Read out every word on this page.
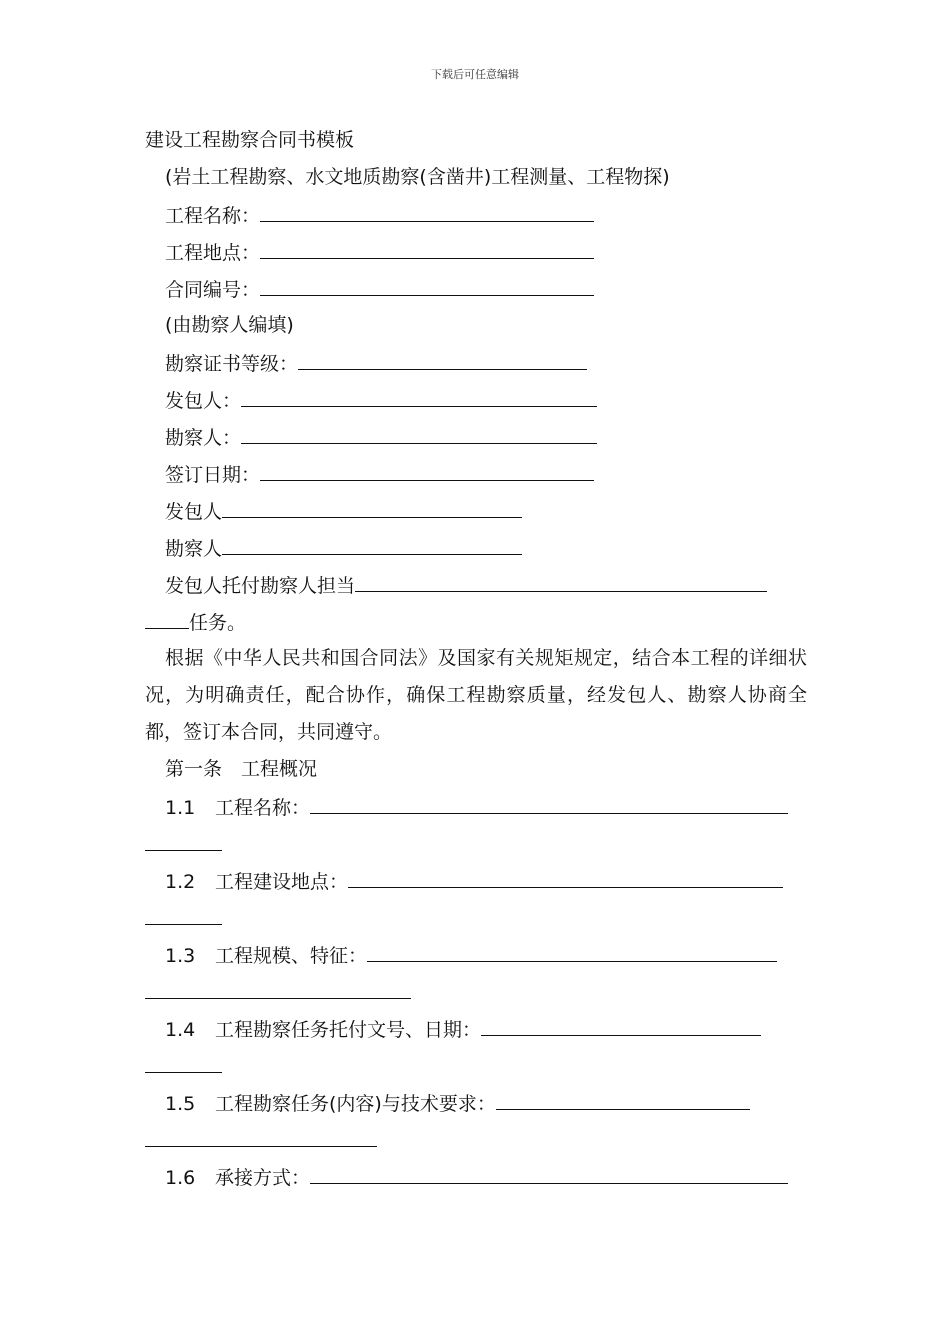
下载后可任意编辑
建设工程勘察合同书模板
(岩土工程勘察、水文地质勘察(含凿井)工程测量、工程物探)
工程名称：
工程地点：
合同编号：
(由勘察人编填)
勘察证书等级：
发包人：
勘察人：
签订日期：
发包人
勘察人
发包人托付勘察人担当
任务。
根据《中华人民共和国合同法》及国家有关规矩规定，结合本工程的详细状况，为明确责任，配合协作，确保工程勘察质量，经发包人、勘察人协商全都，签订本合同，共同遵守。
第一条　工程概况
1.1 工程名称：
1.2 工程建设地点：
1.3 工程规模、特征：
1.4 工程勘察任务托付文号、日期：
1.5 工程勘察任务(内容)与技术要求：
1.6 承接方式：
